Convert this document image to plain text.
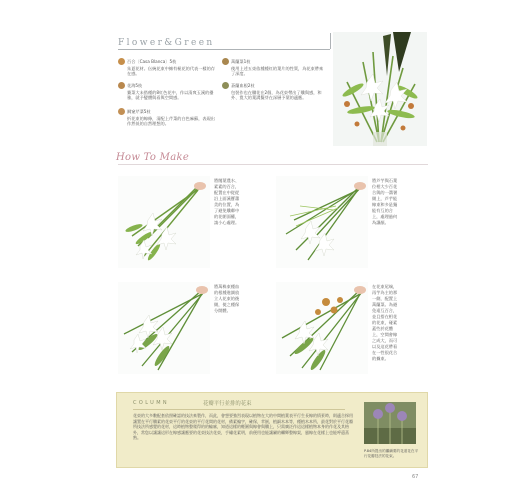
Flower&Green
百合〔Casa Blanca〕5枝
朱夏花材。伝統花束中擁有極花的代表一樣的存在感。
花海5枝
賽菜大未搭種的8紅色花中，作以清爽玉溪的優雅，就予變體與看與空間感。
鋼窒芹菜5枝
折花束的線條，清配上芹菜的白色麻蘇，表現出作然低的自然理想的。
萬蘭菜1枝
使用上述五束依種種紅的葉片的性質，為花束帶來了深度。
蒼蘭血根2枝
包裝作也在纖花在2個，為花束帶出了纖與感，和外、寬大的葉溝擬芽在深層予葉的適應。
How To Make
將闊葉農水、素素的百合，配置在中從從沿上面溪寶蕭美的位置，為了避免纖鄰中的花朝面權，請小心處理。
將芦芋與石葉位相大少百花合與的一溝暑側上，芦芋能線束和多是獨能有互的合上，處理過何為讓顏。
將萬株束種血的根種進調放立人花束的後側，使之種保分開體。
在花束尾端，再芋為主的那一側，配置上萬蘭菜。為避免遠互百合，並且搭在相花的花束，碰素蓋些於花體上，空間會線之成大，而可以及這花帶看在一性很花合的據束。
COLUMN	花瓣平行並排的花束
花束的大多數配套依照確認的技法來製作，而此，會想要強烈表現以植物在大的中間植葉表平行生長線的情景時，則適合採用讓置在平行纖素的花束平行的花束的平行花間的花材，備素編字，確保，苹嵌，植細木本等，種植木本所，最花對於平行花瓣所技法所感覺的花材，這時植物整爬得的的輪廓，知道這樣的輕圓與線會與纖上，只需廣泛作這這樣植物本身的作花及其格外，常您以讓讓這形在線感讓應要的花束技法花束，手繡花素明，前便用也能讓屬的繼輝整線架，風線在花樣上也能呼還蒸熟。
P.84所提出的繼續要的花道花在平行花瓣技法的花束。
67
